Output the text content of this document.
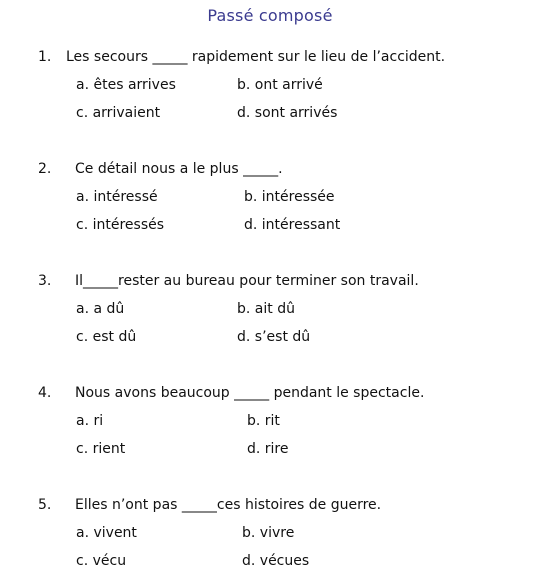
Passé composé
1. Les secours _____ rapidement sur le lieu de l’accident.
a. êtes arrives	b. ont arrivé
c. arrivaient	d. sont arrivés
2. Ce détail nous a le plus _____.
a. intéressé	b. intéressée
c. intéressés	d. intéressant
3. Il_____rester au bureau pour terminer son travail.
a. a dû	b. ait dû
c. est dû	d. s’est dû
4. Nous avons beaucoup _____ pendant le spectacle.
a. ri	b. rit
c. rient	d. rire
5. Elles n’ont pas _____ces histoires de guerre.
a. vivent	b. vivre
c. vécu	d. vécues
